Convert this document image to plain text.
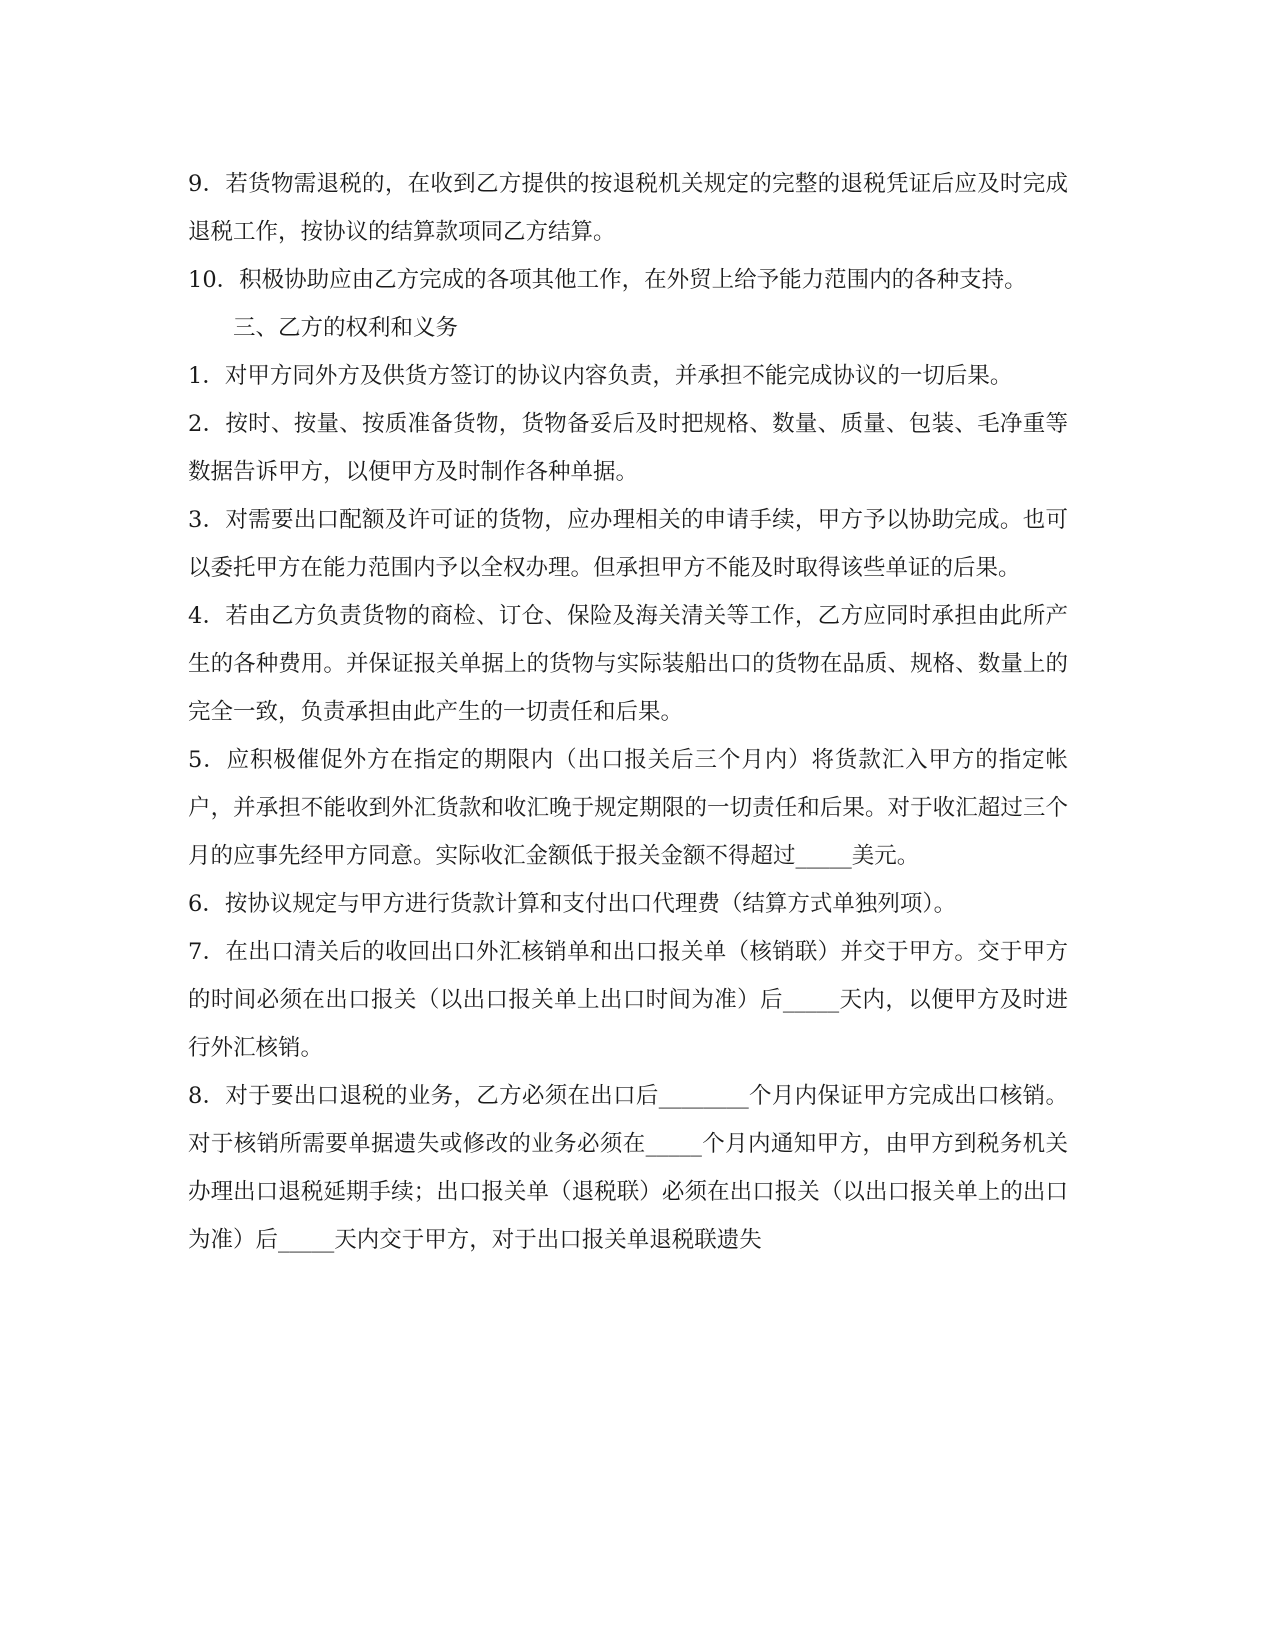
9．若货物需退税的，在收到乙方提供的按退税机关规定的完整的退税凭证后应及时完成退税工作，按协议的结算款项同乙方结算。

10．积极协助应由乙方完成的各项其他工作，在外贸上给予能力范围内的各种支持。

三、乙方的权利和义务

1．对甲方同外方及供货方签订的协议内容负责，并承担不能完成协议的一切后果。

2．按时、按量、按质准备货物，货物备妥后及时把规格、数量、质量、包装、毛净重等数据告诉甲方，以便甲方及时制作各种单据。

3．对需要出口配额及许可证的货物，应办理相关的申请手续，甲方予以协助完成。也可以委托甲方在能力范围内予以全权办理。但承担甲方不能及时取得该些单证的后果。

4．若由乙方负责货物的商检、订仓、保险及海关清关等工作，乙方应同时承担由此所产生的各种费用。并保证报关单据上的货物与实际装船出口的货物在品质、规格、数量上的完全一致，负责承担由此产生的一切责任和后果。

5．应积极催促外方在指定的期限内（出口报关后三个月内）将货款汇入甲方的指定帐户，并承担不能收到外汇货款和收汇晚于规定期限的一切责任和后果。对于收汇超过三个月的应事先经甲方同意。实际收汇金额低于报关金额不得超过_____美元。

6．按协议规定与甲方进行货款计算和支付出口代理费（结算方式单独列项）。

7．在出口清关后的收回出口外汇核销单和出口报关单（核销联）并交于甲方。交于甲方的时间必须在出口报关（以出口报关单上出口时间为准）后_____天内，以便甲方及时进行外汇核销。

8．对于要出口退税的业务，乙方必须在出口后________个月内保证甲方完成出口核销。对于核销所需要单据遗失或修改的业务必须在_____个月内通知甲方，由甲方到税务机关办理出口退税延期手续；出口报关单（退税联）必须在出口报关（以出口报关单上的出口为准）后_____天内交于甲方，对于出口报关单退税联遗失
